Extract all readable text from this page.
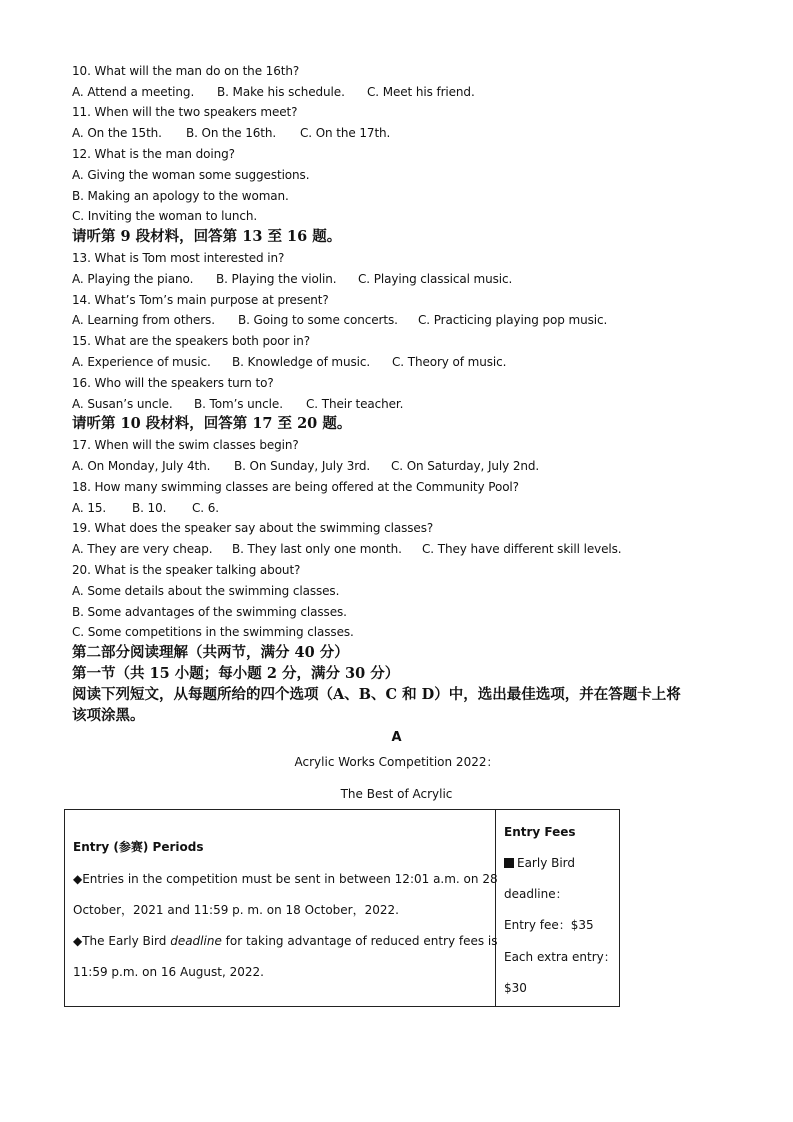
10. What will the man do on the 16th?
A. Attend a meeting. B. Make his schedule. C. Meet his friend.
11. When will the two speakers meet?
A. On the 15th. B. On the 16th. C. On the 17th.
12. What is the man doing?
A. Giving the woman some suggestions.
B. Making an apology to the woman.
C. Inviting the woman to lunch.
请听第 9 段材料，回答第 13 至 16 题。
13. What is Tom most interested in?
A. Playing the piano. B. Playing the violin. C. Playing classical music.
14. What’s Tom’s main purpose at present?
A. Learning from others. B. Going to some concerts. C. Practicing playing pop music.
15. What are the speakers both poor in?
A. Experience of music. B. Knowledge of music. C. Theory of music.
16. Who will the speakers turn to?
A. Susan’s uncle. B. Tom’s uncle. C. Their teacher.
请听第 10 段材料，回答第 17 至 20 题。
17. When will the swim classes begin?
A. On Monday, July 4th. B. On Sunday, July 3rd. C. On Saturday, July 2nd.
18. How many swimming classes are being offered at the Community Pool?
A. 15. B. 10. C. 6.
19. What does the speaker say about the swimming classes?
A. They are very cheap. B. They last only one month. C. They have different skill levels.
20. What is the speaker talking about?
A. Some details about the swimming classes.
B. Some advantages of the swimming classes.
C. Some competitions in the swimming classes.
第二部分阅读理解（共两节，满分 40 分）
第一节（共 15 小题；每小题 2 分，满分 30 分）
阅读下列短文，从每题所给的四个选项（A、B、C 和 D）中，选出最佳选项，并在答题卡上将
该项涂黑。
A
Acrylic Works Competition 2022：
The Best of Acrylic
Entry (参赛) Periods
◆Entries in the competition must be sent in between 12:01 a.m. on 28
October，2021 and 11:59 p. m. on 18 October，2022.
◆The Early Bird deadline for taking advantage of reduced entry fees is
11:59 p.m. on 16 August, 2022.

Entry Fees
Early Bird
deadline：
Entry fee：$35
Each extra entry：
$30
